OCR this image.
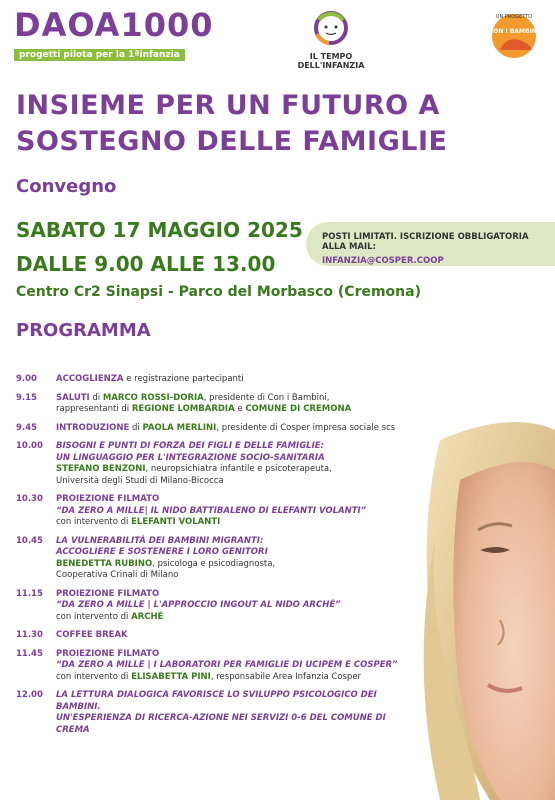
DAOA1000
progetti pilota per la 1ªinfanzia	IL TEMPO DELL'INFANZIA
UN PROGETTO
CON I BAMBINI
INSIEME PER UN FUTURO A SOSTEGNO DELLE FAMIGLIE
Convegno
SABATO 17 MAGGIO 2025
DALLE 9.00 ALLE 13.00
Centro Cr2 Sinapsi - Parco del Morbasco (Cremona)
POSTI LIMITATI. ISCRIZIONE OBBLIGATORIA ALLA MAIL:
INFANZIA@COSPER.COOP
PROGRAMMA
9.00 ACCOGLIENZA e registrazione partecipanti
9.15 SALUTI di MARCO ROSSI-DORIA, presidente di Con i Bambini,
rappresentanti di REGIONE LOMBARDIA e COMUNE DI CREMONA
9.45 INTRODUZIONE di PAOLA MERLINI, presidente di Cosper impresa sociale scs
10.00 BISOGNI E PUNTI DI FORZA DEI FIGLI E DELLE FAMIGLIE:
UN LINGUAGGIO PER L'INTEGRAZIONE SOCIO-SANITARIA
STEFANO BENZONI, neuropsichiatra infantile e psicoterapeuta,
Università degli Studi di Milano-Bicocca
10.30 PROIEZIONE FILMATO
“DA ZERO A MILLE| IL NIDO BATTIBALENO DI ELEFANTI VOLANTI”
con intervento di ELEFANTI VOLANTI
10.45 LA VULNERABILITÀ DEI BAMBINI MIGRANTI:
ACCOGLIERE E SOSTENERE I LORO GENITORI
BENEDETTA RUBINO, psicologa e psicodiagnosta,
Cooperativa Crinali di Milano
11.15 PROIEZIONE FILMATO
“DA ZERO A MILLE | L'APPROCCIO INGOUT AL NIDO ARCHÈ”
con intervento di ARCHÈ
11.30 COFFEE BREAK
11.45 PROIEZIONE FILMATO
“DA ZERO A MILLE | I LABORATORI PER FAMIGLIE DI UCIPEM E COSPER”
con intervento di ELISABETTA PINI, responsabile Area Infanzia Cosper
12.00 LA LETTURA DIALOGICA FAVORISCE LO SVILUPPO PSICOLOGICO DEI BAMBINI.
UN'ESPERIENZA DI RICERCA-AZIONE NEI SERVIZI 0-6 DEL COMUNE DI CREMA
